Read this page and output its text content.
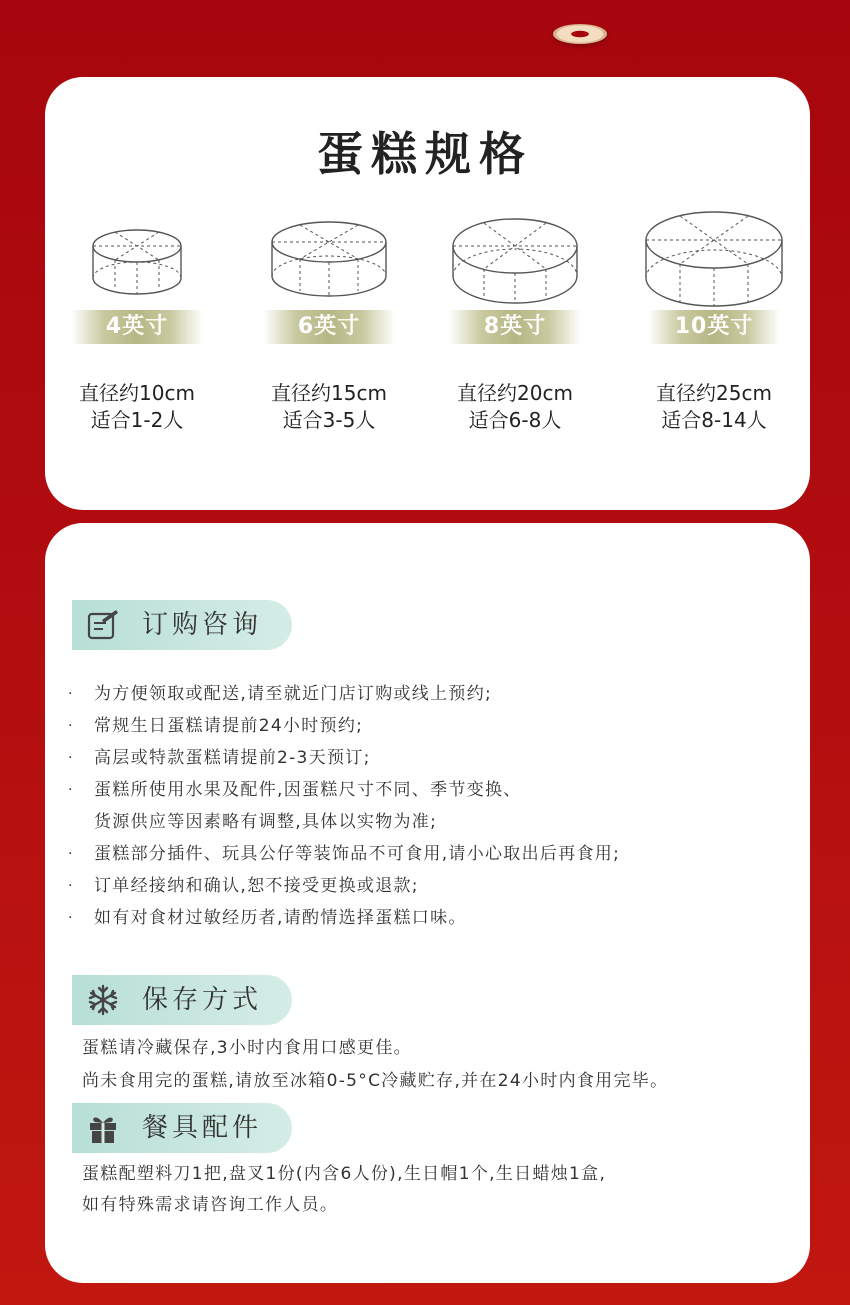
蛋糕规格
4英寸
直径约10cm
适合1-2人
6英寸
直径约15cm
适合3-5人
8英寸
直径约20cm
适合6-8人
10英寸
直径约25cm
适合8-14人
订购咨询
· 为方便领取或配送,请至就近门店订购或线上预约;
· 常规生日蛋糕请提前24小时预约;
· 高层或特款蛋糕请提前2-3天预订;
· 蛋糕所使用水果及配件,因蛋糕尺寸不同、季节变换、
货源供应等因素略有调整,具体以实物为准;
· 蛋糕部分插件、玩具公仔等装饰品不可食用,请小心取出后再食用;
· 订单经接纳和确认,恕不接受更换或退款;
· 如有对食材过敏经历者,请酌情选择蛋糕口味。
保存方式
蛋糕请冷藏保存,3小时内食用口感更佳。
尚未食用完的蛋糕,请放至冰箱0-5°C冷藏贮存,并在24小时内食用完毕。
餐具配件
蛋糕配塑料刀1把,盘叉1份(内含6人份),生日帽1个,生日蜡烛1盒,
如有特殊需求请咨询工作人员。
